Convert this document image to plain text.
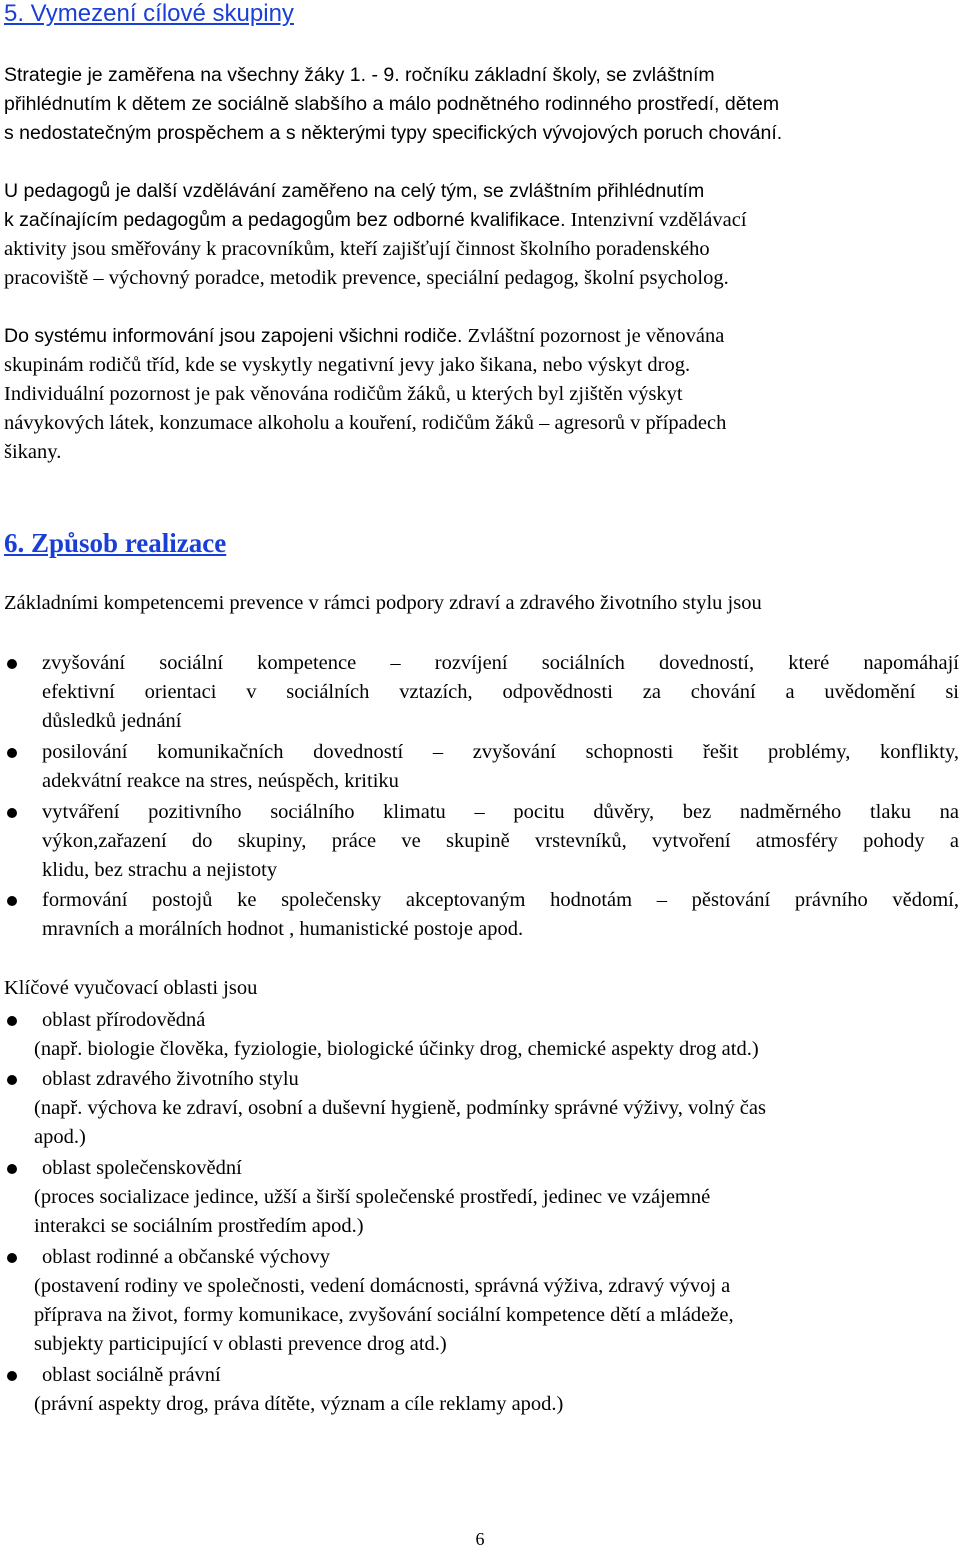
5. Vymezení cílové skupiny
Strategie je zaměřena na všechny žáky 1. - 9. ročníku základní školy, se zvláštním
přihlédnutím k dětem ze sociálně slabšího a málo podnětného rodinného prostředí, dětem
s nedostatečným prospěchem a s některými typy specifických vývojových poruch chování.
U pedagogů je další vzdělávání zaměřeno na celý tým, se zvláštním přihlédnutím
k začínajícím pedagogům a pedagogům bez odborné kvalifikace. Intenzivní vzdělávací
aktivity jsou směřovány k pracovníkům, kteří zajišťují činnost školního poradenského
pracoviště – výchovný poradce, metodik prevence, speciální pedagog, školní psycholog.
Do systému informování jsou zapojeni všichni rodiče. Zvláštní pozornost je věnována
skupinám rodičů tříd, kde se vyskytly negativní jevy jako šikana, nebo výskyt drog.
Individuální pozornost je pak věnována rodičům žáků, u kterých byl zjištěn výskyt
návykových látek, konzumace alkoholu a kouření, rodičům žáků – agresorů v případech
šikany.
6. Způsob realizace
Základními kompetencemi prevence v rámci podpory zdraví a zdravého životního stylu jsou
zvyšování sociální kompetence – rozvíjení sociálních dovedností, které napomáhají
efektivní orientaci v sociálních vztazích, odpovědnosti za chování a uvědomění si
důsledků jednání
posilování komunikačních dovedností – zvyšování schopnosti řešit problémy, konflikty,
adekvátní reakce na stres, neúspěch, kritiku
vytváření pozitivního sociálního klimatu – pocitu důvěry, bez nadměrného tlaku na
výkon,zařazení do skupiny, práce ve skupině vrstevníků, vytvoření atmosféry pohody a
klidu, bez strachu a nejistoty
formování postojů ke společensky akceptovaným hodnotám – pěstování právního vědomí,
mravních a morálních hodnot , humanistické postoje apod.
Klíčové vyučovací oblasti jsou
oblast přírodovědná
(např. biologie člověka, fyziologie, biologické účinky drog, chemické aspekty drog atd.)
oblast zdravého životního stylu
(např. výchova ke zdraví, osobní a duševní hygieně, podmínky správné výživy, volný čas
apod.)
oblast společenskovědní
(proces socializace jedince, užší a širší společenské prostředí, jedinec ve vzájemné
interakci se sociálním prostředím apod.)
oblast rodinné a občanské výchovy
(postavení rodiny ve společnosti, vedení domácnosti, správná výživa, zdravý vývoj a
příprava na život, formy komunikace, zvyšování sociální kompetence dětí a mládeže,
subjekty participující v oblasti prevence drog atd.)
oblast sociálně právní
(právní aspekty drog, práva dítěte, význam a cíle reklamy apod.)
6
